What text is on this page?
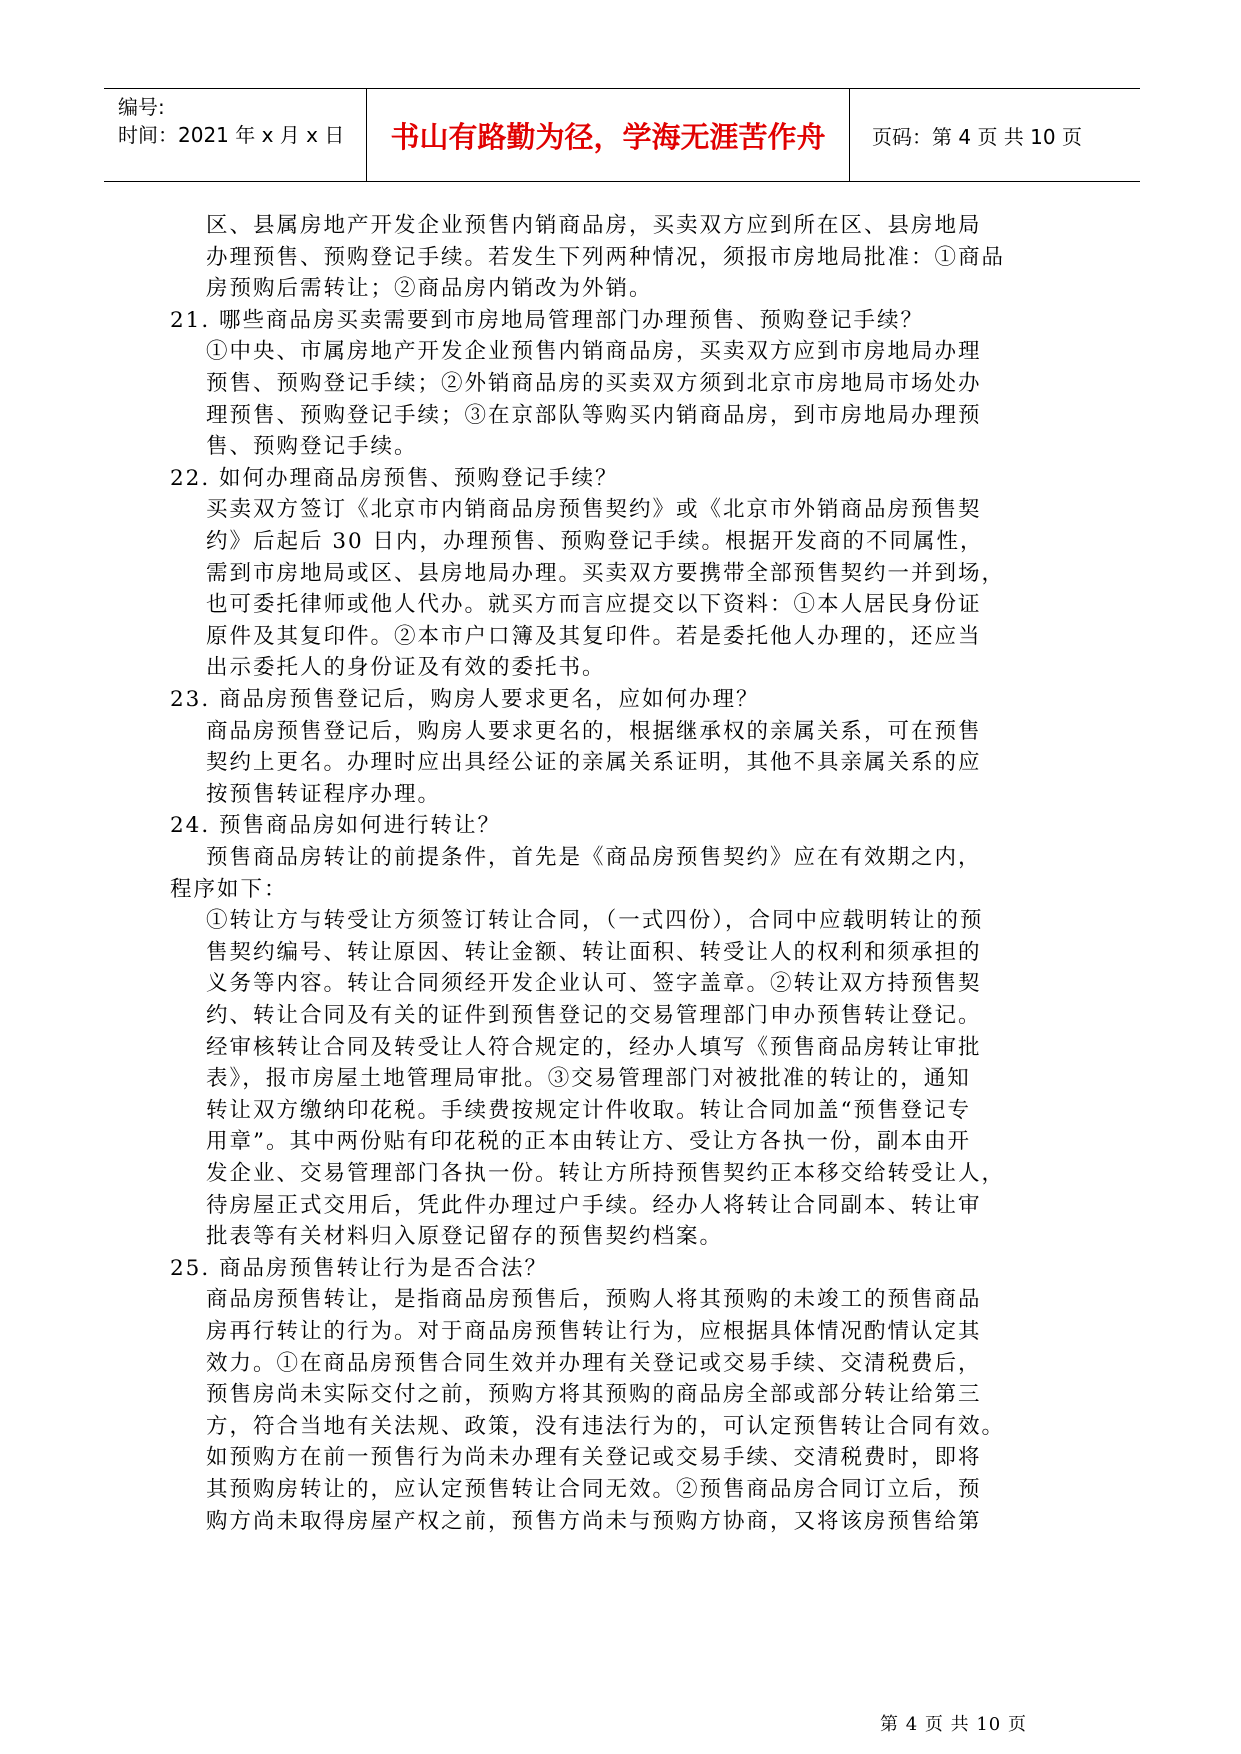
编号:
时间：2021 年 x 月 x 日	书山有路勤为径，学海无涯苦作舟	页码：第 4 页 共 10 页
区、县属房地产开发企业预售内销商品房，买卖双方应到所在区、县房地局
办理预售、预购登记手续。若发生下列两种情况，须报市房地局批准：①商品
房预购后需转让；②商品房内销改为外销。
21. 哪些商品房买卖需要到市房地局管理部门办理预售、预购登记手续？
①中央、市属房地产开发企业预售内销商品房，买卖双方应到市房地局办理
预售、预购登记手续；②外销商品房的买卖双方须到北京市房地局市场处办
理预售、预购登记手续；③在京部队等购买内销商品房，到市房地局办理预
售、预购登记手续。
22. 如何办理商品房预售、预购登记手续？
买卖双方签订《北京市内销商品房预售契约》或《北京市外销商品房预售契
约》后起后 30 日内，办理预售、预购登记手续。根据开发商的不同属性，
需到市房地局或区、县房地局办理。买卖双方要携带全部预售契约一并到场，
也可委托律师或他人代办。就买方而言应提交以下资料：①本人居民身份证
原件及其复印件。②本市户口簿及其复印件。若是委托他人办理的，还应当
出示委托人的身份证及有效的委托书。
23. 商品房预售登记后，购房人要求更名，应如何办理？
商品房预售登记后，购房人要求更名的，根据继承权的亲属关系，可在预售
契约上更名。办理时应出具经公证的亲属关系证明，其他不具亲属关系的应
按预售转证程序办理。
24. 预售商品房如何进行转让？
预售商品房转让的前提条件，首先是《商品房预售契约》应在有效期之内，
程序如下：
①转让方与转受让方须签订转让合同，（一式四份），合同中应载明转让的预
售契约编号、转让原因、转让金额、转让面积、转受让人的权利和须承担的
义务等内容。转让合同须经开发企业认可、签字盖章。②转让双方持预售契
约、转让合同及有关的证件到预售登记的交易管理部门申办预售转让登记。
经审核转让合同及转受让人符合规定的，经办人填写《预售商品房转让审批
表》，报市房屋土地管理局审批。③交易管理部门对被批准的转让的，通知
转让双方缴纳印花税。手续费按规定计件收取。转让合同加盖“预售登记专
用章”。其中两份贴有印花税的正本由转让方、受让方各执一份，副本由开
发企业、交易管理部门各执一份。转让方所持预售契约正本移交给转受让人，
待房屋正式交用后，凭此件办理过户手续。经办人将转让合同副本、转让审
批表等有关材料归入原登记留存的预售契约档案。
25. 商品房预售转让行为是否合法？
商品房预售转让，是指商品房预售后，预购人将其预购的未竣工的预售商品
房再行转让的行为。对于商品房预售转让行为，应根据具体情况酌情认定其
效力。①在商品房预售合同生效并办理有关登记或交易手续、交清税费后，
预售房尚未实际交付之前，预购方将其预购的商品房全部或部分转让给第三
方，符合当地有关法规、政策，没有违法行为的，可认定预售转让合同有效。
如预购方在前一预售行为尚未办理有关登记或交易手续、交清税费时，即将
其预购房转让的，应认定预售转让合同无效。②预售商品房合同订立后，预
购方尚未取得房屋产权之前，预售方尚未与预购方协商，又将该房预售给第
第 4 页 共 10 页
